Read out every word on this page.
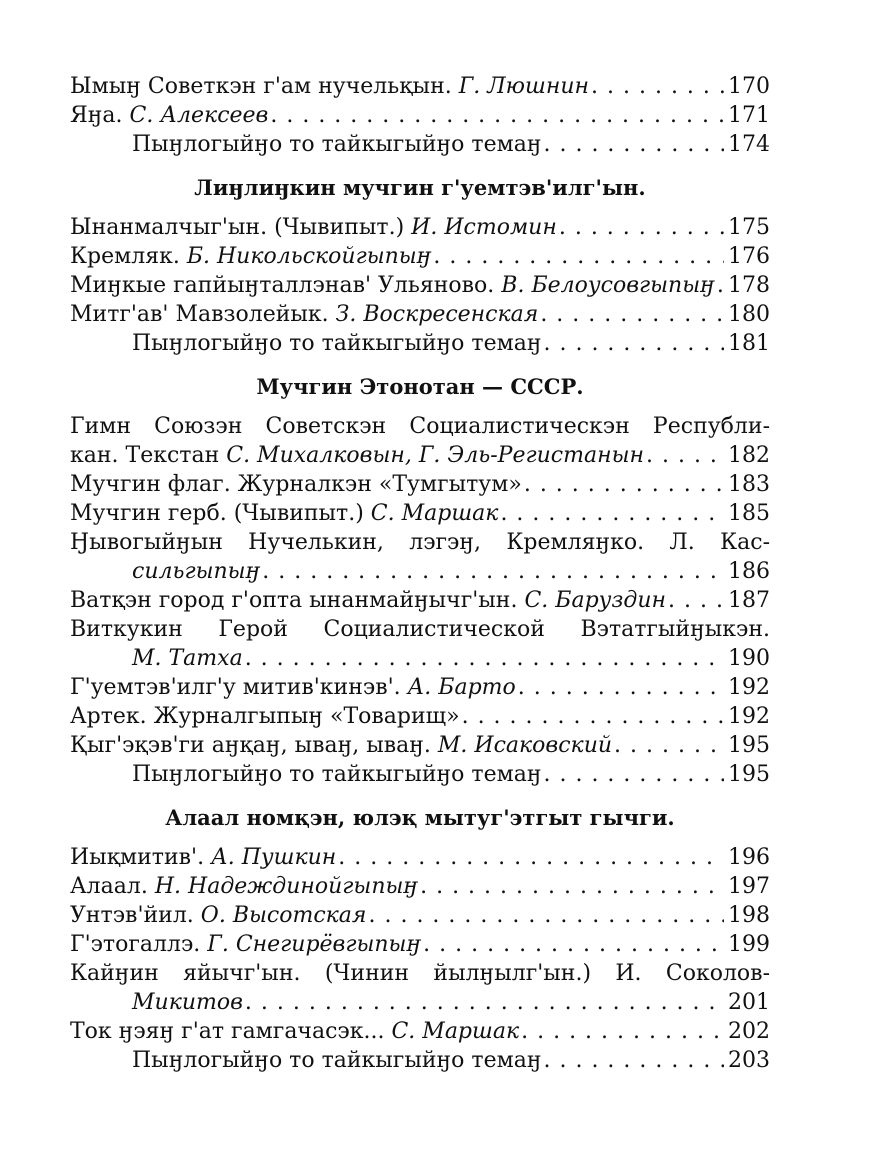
Ымыӈ Советкэн г'ам нучельқын. Г. Люшнин . . .	170
Яӈа. С. Алексеев . . .	171
Пыӈлогыйӈо то тайкыгыйӈо темаӈ . . .	174
Лиӈлиӈкин мучгин г'уемтэв'илг'ын.
Ынанмалчыг'ын. (Чывипыт.) И. Истомин . . .	175
Кремляк. Б. Никольскойгыпыӈ . . .	176
Миӈкые гапйыӈталлэнав' Ульяново. В. Белоусовгыпыӈ . . . 178
Митг'ав' Мавзолейык. З. Воскресенская . . .	180
Пыӈлогыйӈо то тайкыгыйӈо темаӈ . . .	181
Мучгин Этонотан — СССР.
Гимн Союзэн Советскэн Социалистическэн Республи-
кан. Текстан С. Михалковын, Г. Эль-Регистанын . . .	182
Мучгин флаг. Журналкэн «Тумгытум» . . .	183
Мучгин герб. (Чывипыт.) С. Маршак . . .	185
Ӈывогыйӈын Нучелькин, лэгэӈ, Кремляӈко. Л. Кас-
сильгыпыӈ . . .	186
Ватқэн город г'опта ынанмайӈычг'ын. С. Баруздин . . .	187
Виткукин Герой Социалистической Вэтатгыйӈыкэн.
М. Татха . . .	190
Г'уемтэв'илг'у митив'кинэв'. А. Барто . . .	192
Артек. Журналгыпыӈ «Товарищ» . . .	192
Қыг'эқэв'ги аӈқаӈ, ываӈ, ываӈ. М. Исаковский . . .	195
Пыӈлогыйӈо то тайкыгыйӈо темаӈ . . .	195
Алаал номқэн, юлэқ мытуг'этгыт гычги.
Иықмитив'. А. Пушкин . . .	196
Алаал. Н. Надеждинойгыпыӈ . . .	197
Унтэв'йил. О. Высотская . . .	198
Г'этогаллэ. Г. Снегирёвгыпыӈ . . .	199
Кайӈин яйычг'ын. (Чинин йылӈылг'ын.) И. Соколов-
Микитов . . .	201
Ток ӈэяӈ г'ат гамгачасэк... С. Маршак . . .	202
Пыӈлогыйӈо то тайкыгыйӈо темаӈ . . .	203
